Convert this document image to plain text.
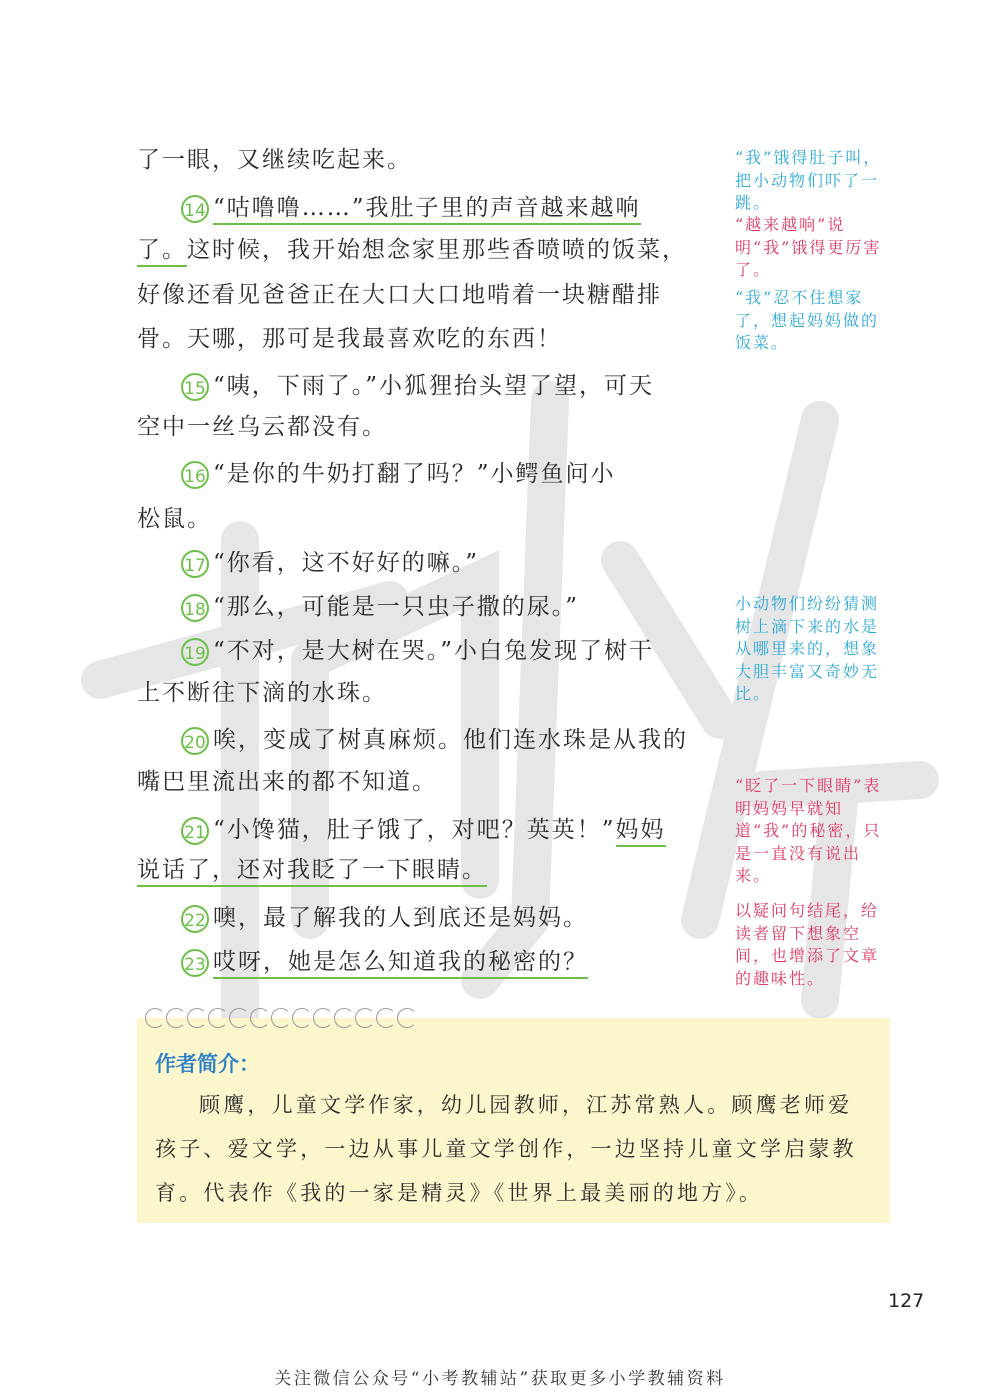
了一眼，又继续吃起来。
14 “咕噜噜……”我肚子里的声音越来越响
了。这时候，我开始想念家里那些香喷喷的饭菜，
好像还看见爸爸正在大口大口地啃着一块糖醋排
骨。天哪，那可是我最喜欢吃的东西！
15 “咦，下雨了。”小狐狸抬头望了望，可天
空中一丝乌云都没有。
16 “是你的牛奶打翻了吗？”小鳄鱼问小
松鼠。
17 “你看，这不好好的嘛。”
18 “那么，可能是一只虫子撒的尿。”
19 “不对，是大树在哭。”小白兔发现了树干
上不断往下滴的水珠。
20 唉，变成了树真麻烦。他们连水珠是从我的
嘴巴里流出来的都不知道。
21 “小馋猫，肚子饿了，对吧？英英！”妈妈
说话了，还对我眨了一下眼睛。
22 噢，最了解我的人到底还是妈妈。
23 哎呀，她是怎么知道我的秘密的？
“我”饿得肚子叫，把小动物们吓了一跳。
“越来越响”说明“我”饿得更厉害了。
“我”忍不住想家了，想起妈妈做的饭菜。
小动物们纷纷猜测树上滴下来的水是从哪里来的，想象大胆丰富又奇妙无比。
“眨了一下眼睛”表明妈妈早就知道“我”的秘密，只是一直没有说出来。
以疑问句结尾，给读者留下想象空间，也增添了文章的趣味性。
作者简介：
顾鹰，儿童文学作家，幼儿园教师，江苏常熟人。顾鹰老师爱
孩子、爱文学，一边从事儿童文学创作，一边坚持儿童文学启蒙教
育。代表作《我的一家是精灵》《世界上最美丽的地方》。
127
关注微信公众号“小考教辅站”获取更多小学教辅资料
